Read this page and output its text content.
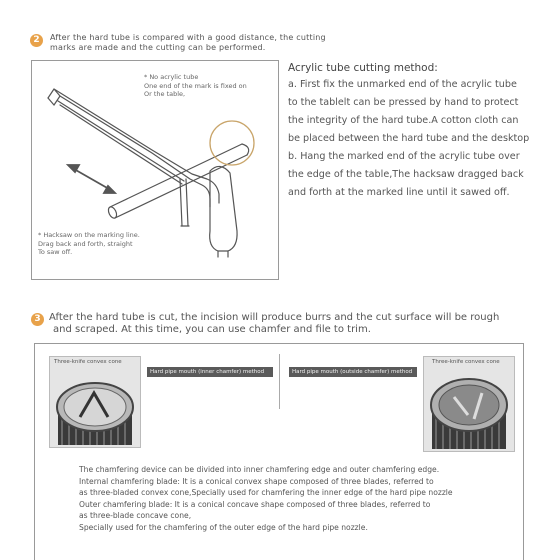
2	After the hard tube is compared with a good distance, the cutting
marks are made and the cutting can be performed.
* No acrylic tube
One end of the mark is fixed on
Or the table,
* Hacksaw on the marking line.
Drag back and forth, straight
To saw off.
Acrylic tube cutting method:
a. First fix the unmarked end of the acrylic tube
to the tablelt can be pressed by hand to protect
the integrity of the hard tube.A cotton cloth can
be placed between the hard tube and the desktop
b. Hang the marked end of the acrylic tube over
the edge of the table,The hacksaw dragged back
and forth at the marked line until it sawed off.
3 After the hard tube is cut, the incision will produce burrs and the cut surface will be rough
and scraped. At this time, you can use chamfer and file to trim.
Three-knife convex cone
Hard pipe mouth (inner chamfer) method	Hard pipe mouth (outside chamfer) method
Three-knife convex cone
The chamfering device can be divided into inner chamfering edge and outer chamfering edge.
Internal chamfering blade: It is a conical convex shape composed of three blades, referred to
as three-bladed convex cone,Specially used for chamfering the inner edge of the hard pipe nozzle
Outer chamfering blade: It is a conical concave shape composed of three blades, referred to
as three-blade concave cone,
Specially used for the chamfering of the outer edge of the hard pipe nozzle.
